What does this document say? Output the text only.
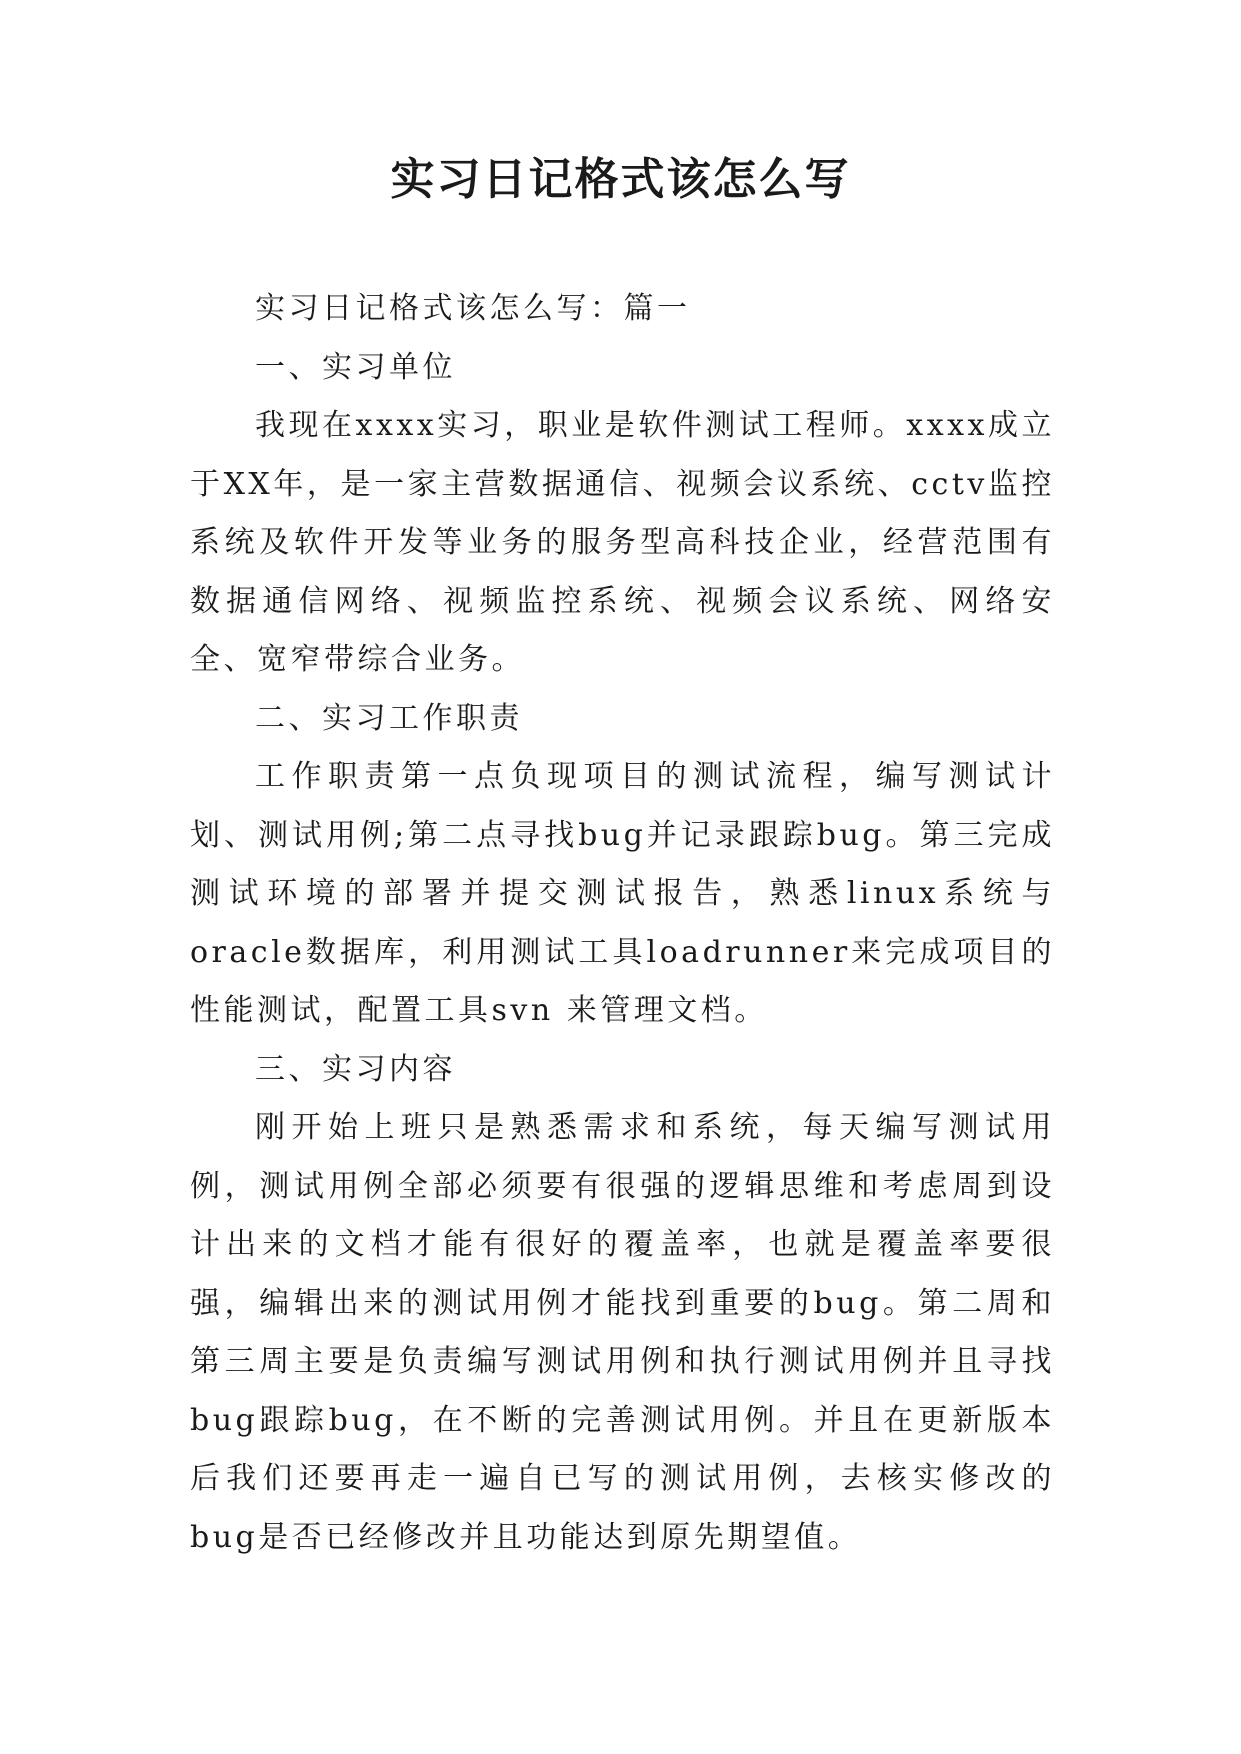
实习日记格式该怎么写

实习日记格式该怎么写：篇一

一、实习单位

我现在xxxx实习，职业是软件测试工程师。xxxx成立于XX年，是一家主营数据通信、视频会议系统、cctv监控系统及软件开发等业务的服务型高科技企业，经营范围有数据通信网络、视频监控系统、视频会议系统、网络安全、宽窄带综合业务。

二、实习工作职责

工作职责第一点负现项目的测试流程，编写测试计划、测试用例;第二点寻找bug并记录跟踪bug。第三完成测试环境的部署并提交测试报告，熟悉linux系统与oracle数据库，利用测试工具loadrunner来完成项目的性能测试，配置工具svn 来管理文档。

三、实习内容

刚开始上班只是熟悉需求和系统，每天编写测试用例，测试用例全部必须要有很强的逻辑思维和考虑周到设计出来的文档才能有很好的覆盖率，也就是覆盖率要很强，编辑出来的测试用例才能找到重要的bug。第二周和第三周主要是负责编写测试用例和执行测试用例并且寻找bug跟踪bug，在不断的完善测试用例。并且在更新版本后我们还要再走一遍自已写的测试用例，去核实修改的bug是否已经修改并且功能达到原先期望值。
